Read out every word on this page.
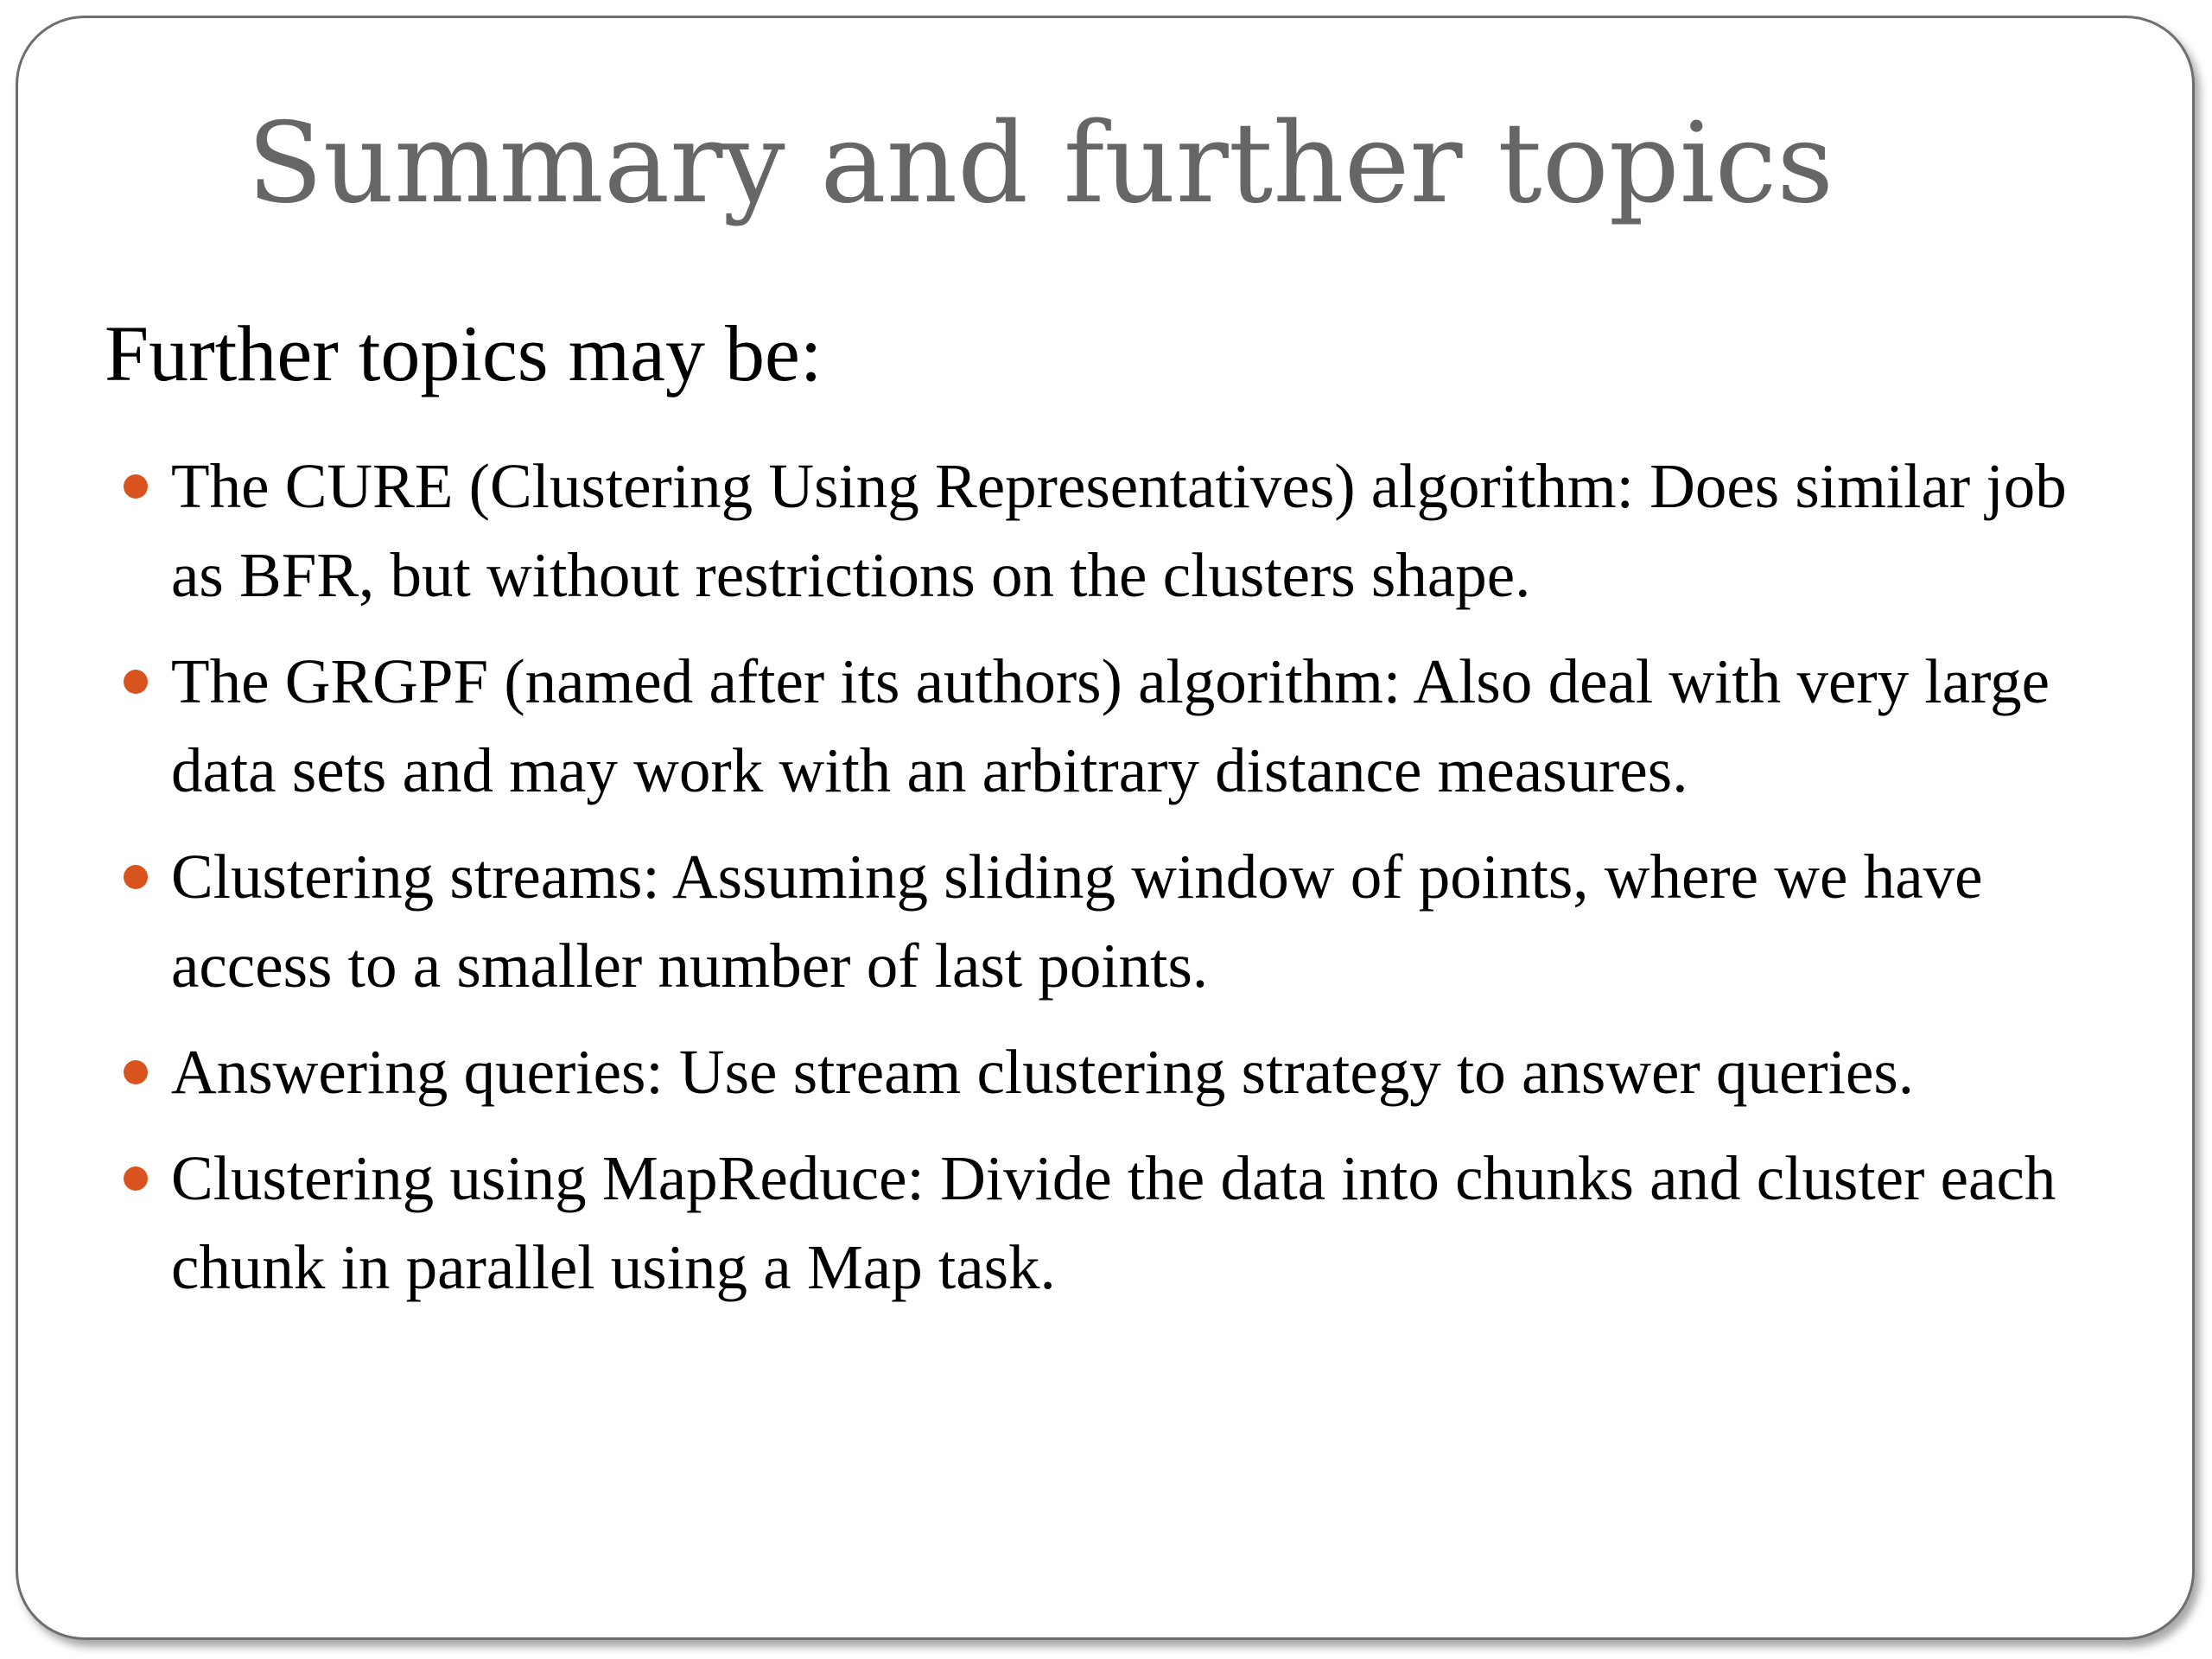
Summary and further topics

Further topics may be:

The CURE (Clustering Using Representatives) algorithm: Does similar job as BFR, but without restrictions on the clusters shape.
The GRGPF (named after its authors) algorithm: Also deal with very large data sets and may work with an arbitrary distance measures.
Clustering streams: Assuming sliding window of points, where we have access to a smaller number of last points.
Answering queries: Use stream clustering strategy to answer queries.
Clustering using MapReduce: Divide the data into chunks and cluster each chunk in parallel using a Map task.
